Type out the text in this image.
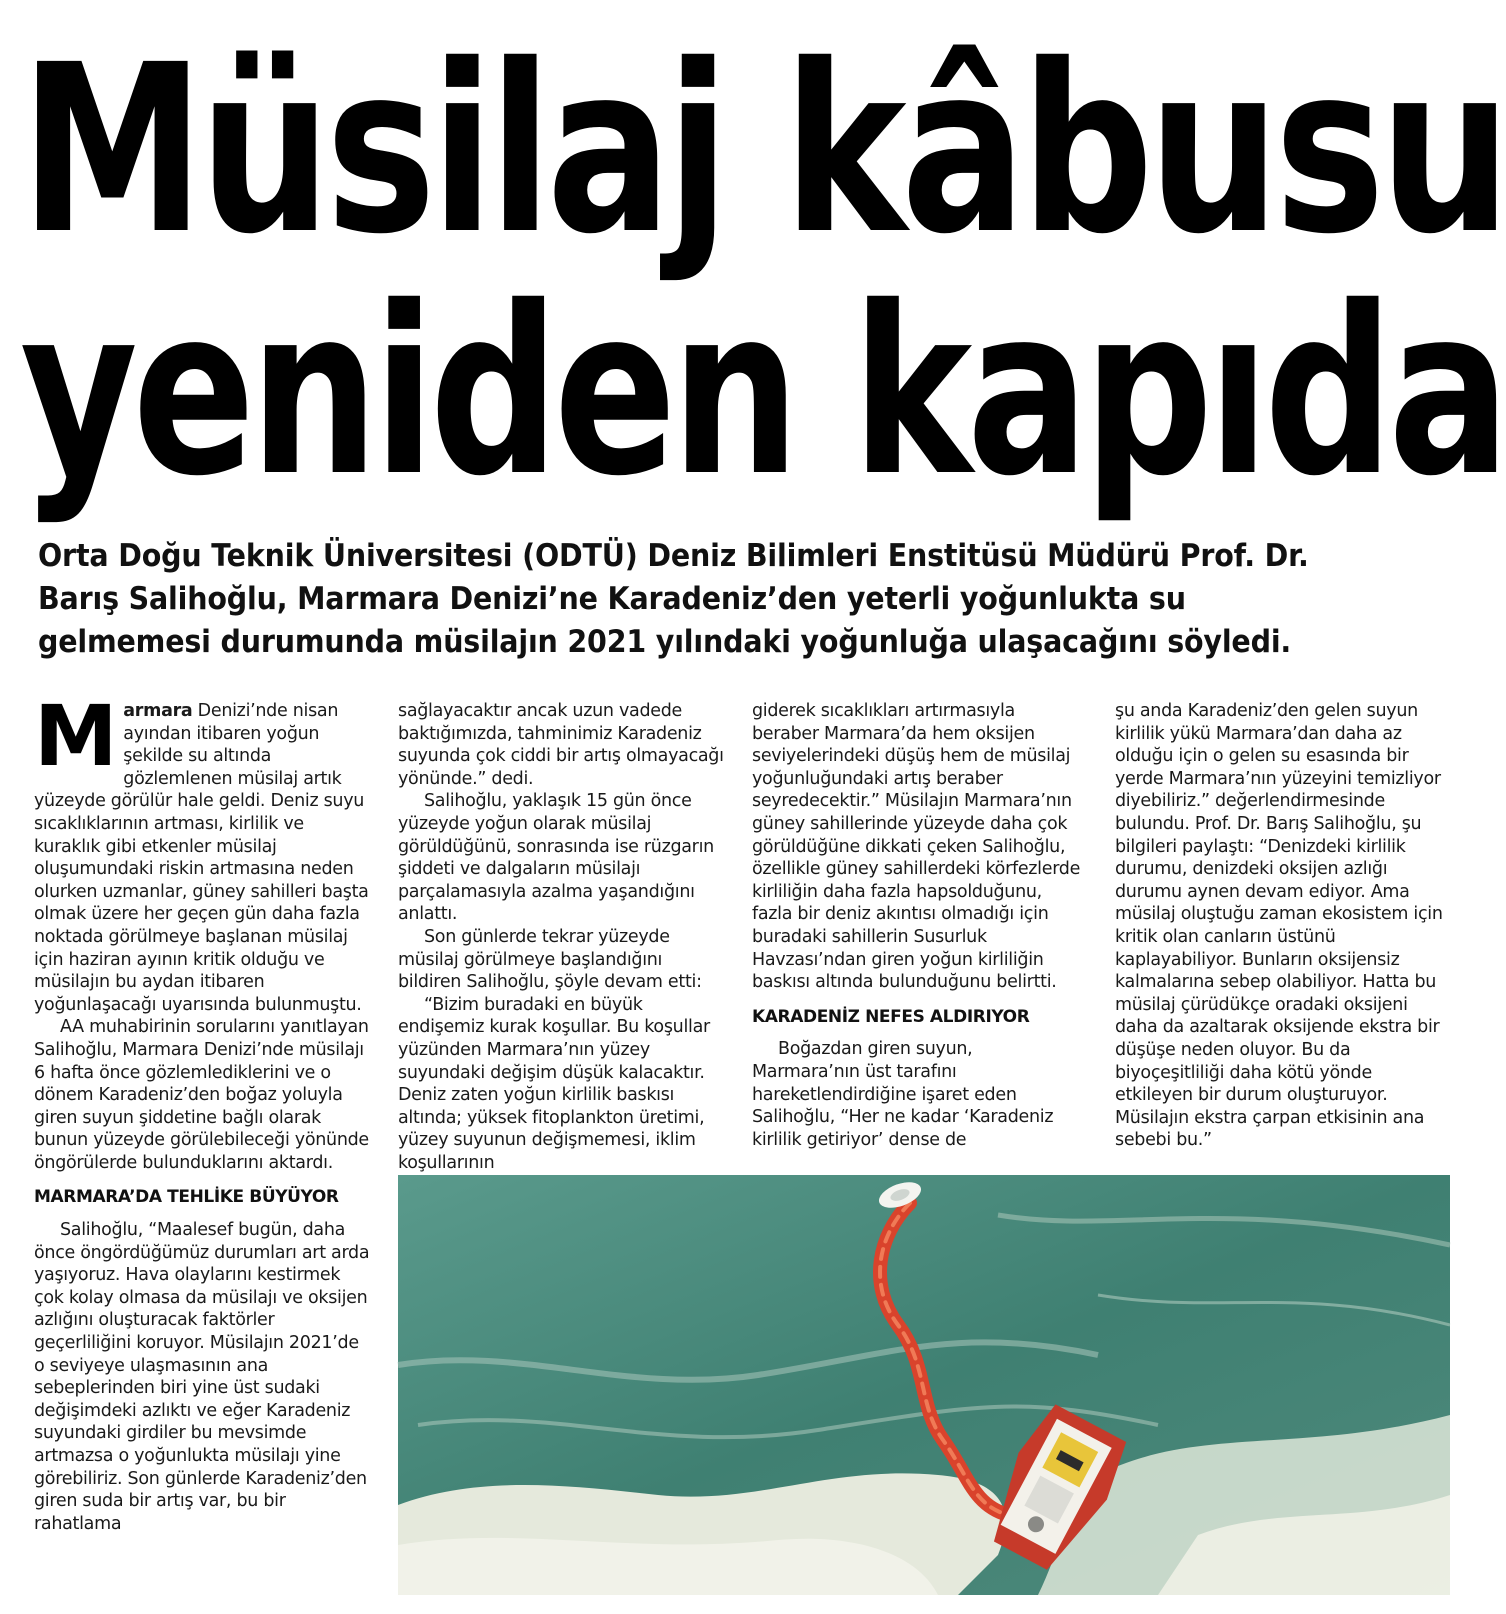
Müsilaj kâbusu
yeniden kapıda
Orta Doğu Teknik Üniversitesi (ODTÜ) Deniz Bilimleri Enstitüsü Müdürü Prof. Dr. Barış Salihoğlu, Marmara Denizi’ne Karadeniz’den yeterli yoğunlukta su gelmemesi durumunda müsilajın 2021 yılındaki yoğunluğa ulaşacağını söyledi.

Marmara Denizi’nde nisan ayından itibaren yoğun şekilde su altında gözlemlenen müsilaj artık yüzeyde görülür hale geldi. Deniz suyu sıcaklıklarının artması, kirlilik ve kuraklık gibi etkenler müsilaj oluşumundaki riskin artmasına neden olurken uzmanlar, güney sahilleri başta olmak üzere her geçen gün daha fazla noktada görülmeye başlanan müsilaj için haziran ayının kritik olduğu ve müsilajın bu aydan itibaren yoğunlaşacağı uyarısında bulunmuştu.

AA muhabirinin sorularını yanıtlayan Salihoğlu, Marmara Denizi’nde müsilajı 6 hafta önce gözlemlediklerini ve o dönem Karadeniz’den boğaz yoluyla giren suyun şiddetine bağlı olarak bunun yüzeyde görülebileceği yönünde öngörülerde bulunduklarını aktardı.

MARMARA’DA TEHLİKE BÜYÜYOR

Salihoğlu, “Maalesef bugün, daha önce öngördüğümüz durumları art arda yaşıyoruz. Hava olaylarını kestirmek çok kolay olmasa da müsilajı ve oksijen azlığını oluşturacak faktörler geçerliliğini koruyor. Müsilajın 2021’de o seviyeye ulaşmasının ana sebeplerinden biri yine üst sudaki değişimdeki azlıktı ve eğer Karadeniz suyundaki girdiler bu mevsimde artmazsa o yoğunlukta müsilajı yine görebiliriz. Son günlerde Karadeniz’den giren suda bir artış var, bu bir rahatlama

sağlayacaktır ancak uzun vadede baktığımızda, tahminimiz Karadeniz suyunda çok ciddi bir artış olmayacağı yönünde.” dedi.

Salihoğlu, yaklaşık 15 gün önce yüzeyde yoğun olarak müsilaj görüldüğünü, sonrasında ise rüzgarın şiddeti ve dalgaların müsilajı parçalamasıyla azalma yaşandığını anlattı.

Son günlerde tekrar yüzeyde müsilaj görülmeye başlandığını bildiren Salihoğlu, şöyle devam etti:

“Bizim buradaki en büyük endişemiz kurak koşullar. Bu koşullar yüzünden Marmara’nın yüzey suyundaki değişim düşük kalacaktır. Deniz zaten yoğun kirlilik baskısı altında; yüksek fitoplankton üretimi, yüzey suyunun değişmemesi, iklim koşullarının

giderek sıcaklıkları artırmasıyla beraber Marmara’da hem oksijen seviyelerindeki düşüş hem de müsilaj yoğunluğundaki artış beraber seyredecektir.” Müsilajın Marmara’nın güney sahillerinde yüzeyde daha çok görüldüğüne dikkati çeken Salihoğlu, özellikle güney sahillerdeki körfezlerde kirliliğin daha fazla hapsolduğunu, fazla bir deniz akıntısı olmadığı için buradaki sahillerin Susurluk Havzası’ndan giren yoğun kirliliğin baskısı altında bulunduğunu belirtti.

KARADENİZ NEFES ALDIRIYOR

Boğazdan giren suyun, Marmara’nın üst tarafını hareketlendirdiğine işaret eden Salihoğlu, “Her ne kadar ‘Karadeniz kirlilik getiriyor’ dense de

şu anda Karadeniz’den gelen suyun kirlilik yükü Marmara’dan daha az olduğu için o gelen su esasında bir yerde Marmara’nın yüzeyini temizliyor diyebiliriz.” değerlendirmesinde bulundu. Prof. Dr. Barış Salihoğlu, şu bilgileri paylaştı: “Denizdeki kirlilik durumu, denizdeki oksijen azlığı durumu aynen devam ediyor. Ama müsilaj oluştuğu zaman ekosistem için kritik olan canların üstünü kaplayabiliyor. Bunların oksijensiz kalmalarına sebep olabiliyor. Hatta bu müsilaj çürüdükçe oradaki oksijeni daha da azaltarak oksijende ekstra bir düşüşe neden oluyor. Bu da biyoçeşitliliği daha kötü yönde etkileyen bir durum oluşturuyor. Müsilajın ekstra çarpan etkisinin ana sebebi bu.”
